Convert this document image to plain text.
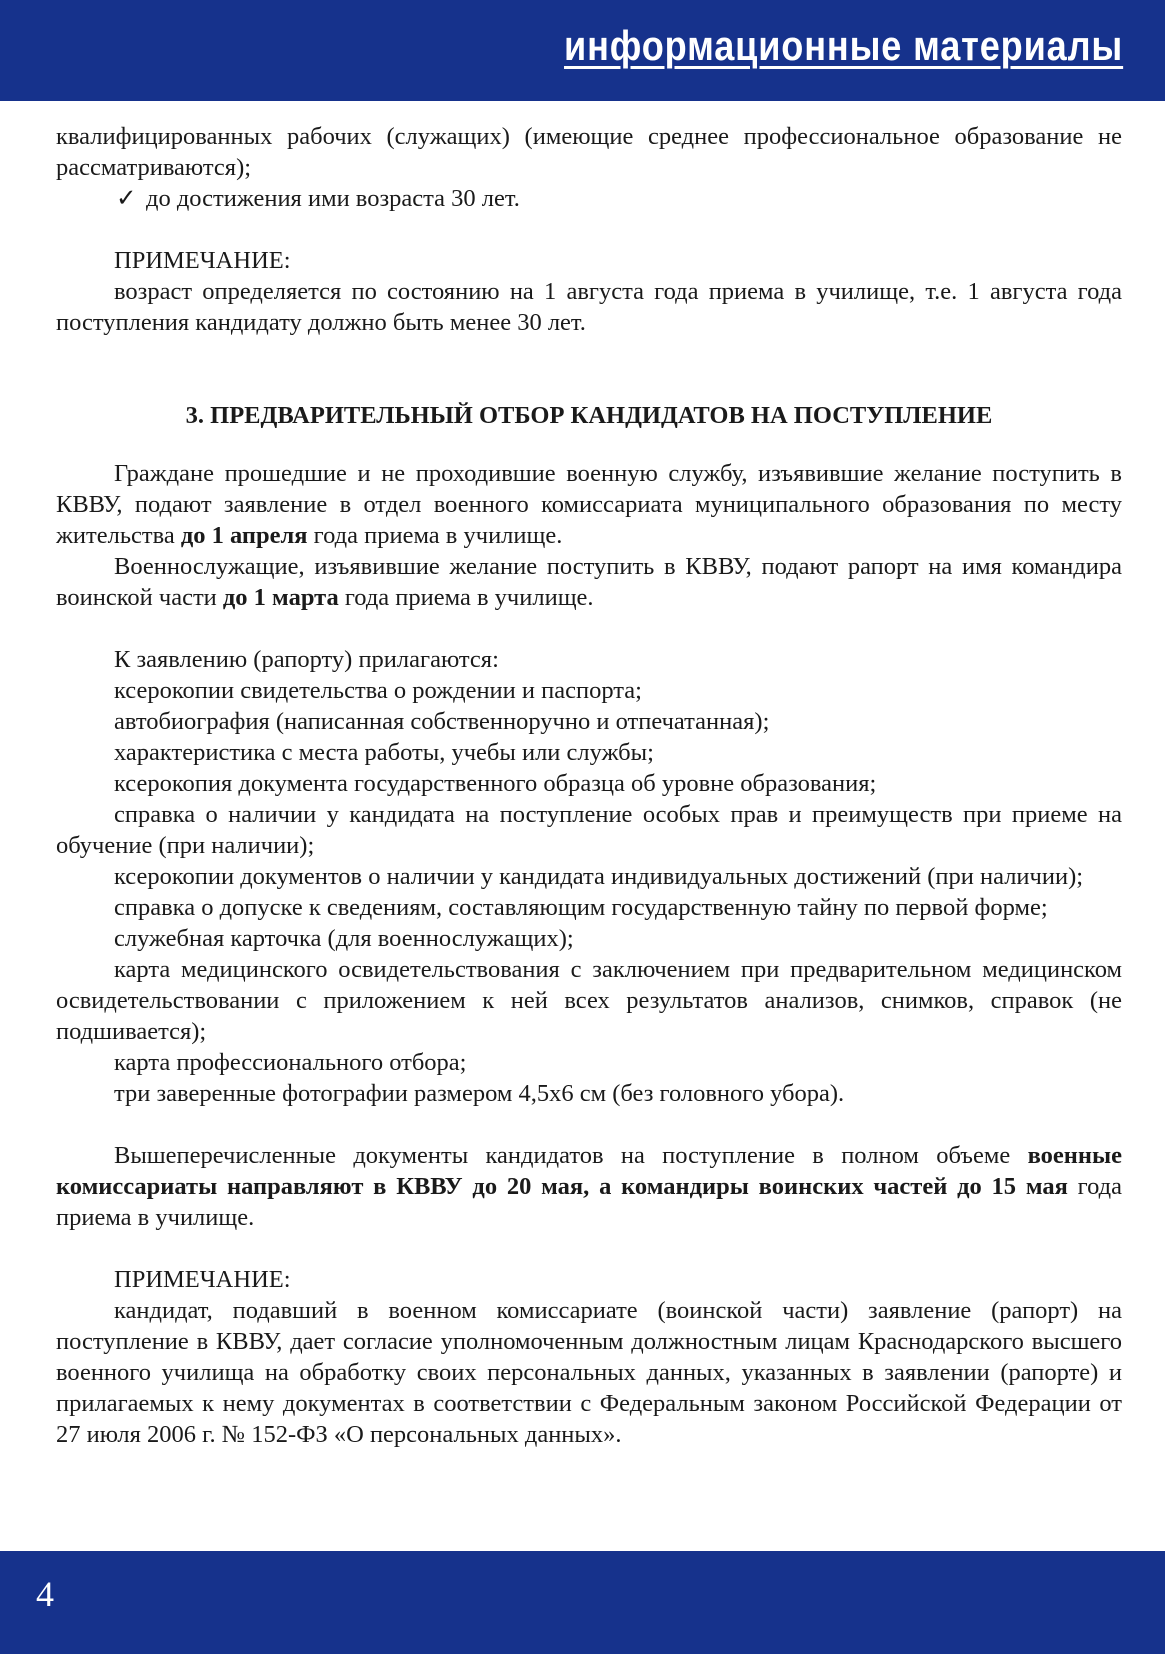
информационные материалы

квалифицированных рабочих (служащих) (имеющие среднее профессиональное образование не рассматриваются);

✓ до достижения ими возраста 30 лет.

ПРИМЕЧАНИЕ:

возраст определяется по состоянию на 1 августа года приема в училище, т.е. 1 августа года поступления кандидату должно быть менее 30 лет.

3. ПРЕДВАРИТЕЛЬНЫЙ ОТБОР КАНДИДАТОВ НА ПОСТУПЛЕНИЕ

Граждане прошедшие и не проходившие военную службу, изъявившие желание поступить в КВВУ, подают заявление в отдел военного комиссариата муниципального образования по месту жительства до 1 апреля года приема в училище.

Военнослужащие, изъявившие желание поступить в КВВУ, подают рапорт на имя командира воинской части до 1 марта года приема в училище.

К заявлению (рапорту) прилагаются:

ксерокопии свидетельства о рождении и паспорта;

автобиография (написанная собственноручно и отпечатанная);

характеристика с места работы, учебы или службы;

ксерокопия документа государственного образца об уровне образования;

справка о наличии у кандидата на поступление особых прав и преимуществ при приеме на обучение (при наличии);

ксерокопии документов о наличии у кандидата индивидуальных достижений (при наличии);

справка о допуске к сведениям, составляющим государственную тайну по первой форме;

служебная карточка (для военнослужащих);

карта медицинского освидетельствования с заключением при предварительном медицинском освидетельствовании с приложением к ней всех результатов анализов, снимков, справок (не подшивается);

карта профессионального отбора;

три заверенные фотографии размером 4,5х6 см (без головного убора).

Вышеперечисленные документы кандидатов на поступление в полном объеме военные комиссариаты направляют в КВВУ до 20 мая, а командиры воинских частей до 15 мая года приема в училище.

ПРИМЕЧАНИЕ:

кандидат, подавший в военном комиссариате (воинской части) заявление (рапорт) на поступление в КВВУ, дает согласие уполномоченным должностным лицам Краснодарского высшего военного училища на обработку своих персональных данных, указанных в заявлении (рапорте) и прилагаемых к нему документах в соответствии с Федеральным законом Российской Федерации от 27 июля 2006 г. № 152-ФЗ «О персональных данных».

4
